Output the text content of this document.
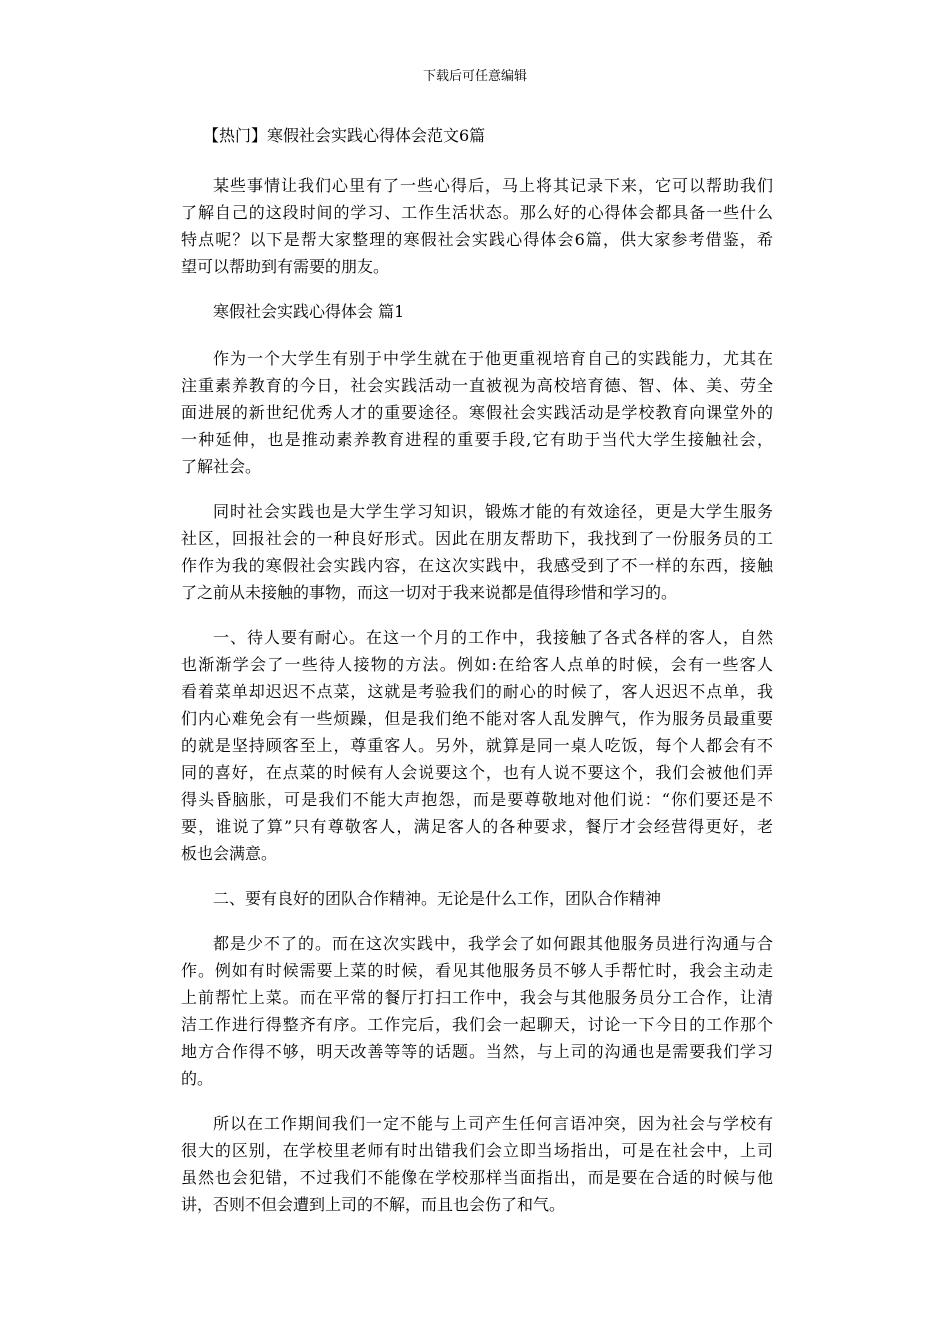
下载后可任意编辑
【热门】寒假社会实践心得体会范文6篇
某些事情让我们心里有了一些心得后，马上将其记录下来，它可以帮助我们
了解自己的这段时间的学习、工作生活状态。那么好的心得体会都具备一些什么
特点呢？以下是帮大家整理的寒假社会实践心得体会6篇，供大家参考借鉴，希
望可以帮助到有需要的朋友。
寒假社会实践心得体会 篇1
作为一个大学生有别于中学生就在于他更重视培育自己的实践能力，尤其在
注重素养教育的今日，社会实践活动一直被视为高校培育德、智、体、美、劳全
面进展的新世纪优秀人才的重要途径。寒假社会实践活动是学校教育向课堂外的
一种延伸，也是推动素养教育进程的重要手段,它有助于当代大学生接触社会，
了解社会。
同时社会实践也是大学生学习知识，锻炼才能的有效途径，更是大学生服务
社区，回报社会的一种良好形式。因此在朋友帮助下，我找到了一份服务员的工
作作为我的寒假社会实践内容，在这次实践中，我感受到了不一样的东西，接触
了之前从未接触的事物，而这一切对于我来说都是值得珍惜和学习的。
一、待人要有耐心。在这一个月的工作中，我接触了各式各样的客人，自然
也渐渐学会了一些待人接物的方法。例如:在给客人点单的时候，会有一些客人
看着菜单却迟迟不点菜，这就是考验我们的耐心的时候了，客人迟迟不点单，我
们内心难免会有一些烦躁，但是我们绝不能对客人乱发脾气，作为服务员最重要
的就是坚持顾客至上，尊重客人。另外，就算是同一桌人吃饭，每个人都会有不
同的喜好，在点菜的时候有人会说要这个，也有人说不要这个，我们会被他们弄
得头昏脑胀，可是我们不能大声抱怨，而是要尊敬地对他们说：“你们要还是不
要，谁说了算”只有尊敬客人，满足客人的各种要求，餐厅才会经营得更好，老
板也会满意。
二、要有良好的团队合作精神。无论是什么工作，团队合作精神
都是少不了的。而在这次实践中，我学会了如何跟其他服务员进行沟通与合
作。例如有时候需要上菜的时候，看见其他服务员不够人手帮忙时，我会主动走
上前帮忙上菜。而在平常的餐厅打扫工作中，我会与其他服务员分工合作，让清
洁工作进行得整齐有序。工作完后，我们会一起聊天，讨论一下今日的工作那个
地方合作得不够，明天改善等等的话题。当然，与上司的沟通也是需要我们学习
的。
所以在工作期间我们一定不能与上司产生任何言语冲突，因为社会与学校有
很大的区别，在学校里老师有时出错我们会立即当场指出，可是在社会中，上司
虽然也会犯错，不过我们不能像在学校那样当面指出，而是要在合适的时候与他
讲，否则不但会遭到上司的不解，而且也会伤了和气。
